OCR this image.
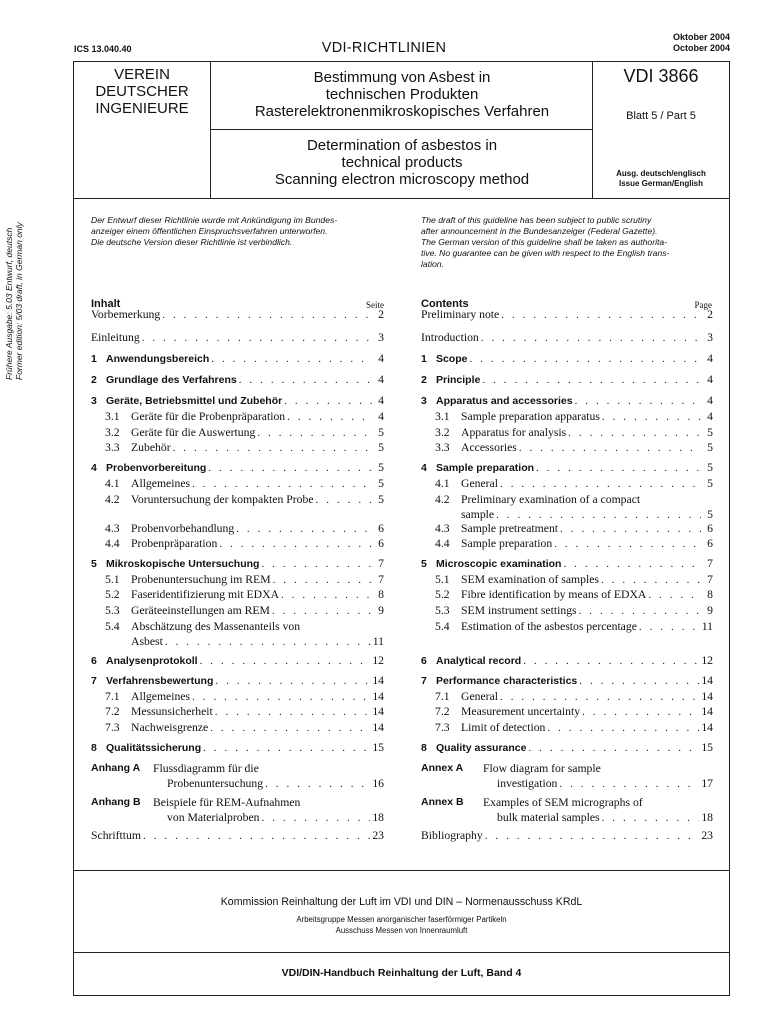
ICS 13.040.40	VDI-RICHTLINIEN
Oktober 2004
October 2004
Frühere Ausgabe: 5.03 Entwurf, deutsch Former edition: 5/03 draft, in German only
VEREIN
DEUTSCHER
INGENIEURE
Bestimmung von Asbest in
technischen Produkten
Rasterelektronenmikroskopisches Verfahren
Determination of asbestos in
technical products
Scanning electron microscopy method
VDI 3866
Blatt 5 / Part 5
Ausg. deutsch/englisch
Issue German/English
Der Entwurf dieser Richtlinie wurde mit Ankündigung im Bundes-
anzeiger einem öffentlichen Einspruchsverfahren unterworfen.
Die deutsche Version dieser Richtlinie ist verbindlich.
The draft of this guideline has been subject to public scrutiny
after announcement in the Bundesanzeiger (Federal Gazette).
The German version of this guideline shall be taken as authorita-
tive. No guarantee can be given with respect to the English trans-
lation.
Inhalt	Seite	Contents	Page
Vorbemerkung . . .	2
Einleitung . . .	3
1 Anwendungsbereich . . .	4
2 Grundlage des Verfahrens . . .	4
3 Geräte, Betriebsmittel und Zubehör . . .	4
3.1 Geräte für die Probenpräparation . . .	4
3.2 Geräte für die Auswertung . . .	5
3.3 Zubehör . . .	5
4 Probenvorbereitung . . .	5
4.1 Allgemeines . . .	5
4.2 Voruntersuchung der kompakten Probe . . .	5
4.3 Probenvorbehandlung . . .	6
4.4 Probenpräparation . . .	6
5 Mikroskopische Untersuchung . . .	7
5.1 Probenuntersuchung im REM . . .	7
5.2 Faseridentifizierung mit EDXA . . .	8
5.3 Geräteeinstellungen am REM . . .	9
5.4 Abschätzung des Massenanteils von
Asbest . . .	11
6 Analysenprotokoll . . .	12
7 Verfahrensbewertung . . .	14
7.1 Allgemeines . . .	14
7.2 Messunsicherheit . . .	14
7.3 Nachweisgrenze . . .	14
8 Qualitätssicherung . . .	15
Anhang A Flussdiagramm für die
Probenuntersuchung . . .	16
Anhang B Beispiele für REM-Aufnahmen
von Materialproben . . .	18
Schrifttum . . .	23
Preliminary note . . .	2
Introduction . . .	3
1 Scope . . .	4
2 Principle . . .	4
3 Apparatus and accessories . . .	4
3.1 Sample preparation apparatus . . .	4
3.2 Apparatus for analysis . . .	5
3.3 Accessories . . .	5
4 Sample preparation . . .	5
4.1 General . . .	5
4.2 Preliminary examination of a compact
sample . . .	5
4.3 Sample pretreatment . . .	6
4.4 Sample preparation . . .	6
5 Microscopic examination . . .	7
5.1 SEM examination of samples . . .	7
5.2 Fibre identification by means of EDXA . . .	8
5.3 SEM instrument settings . . .	9
5.4 Estimation of the asbestos percentage . . .	11
6 Analytical record . . .	12
7 Performance characteristics . . .	14
7.1 General . . .	14
7.2 Measurement uncertainty . . .	14
7.3 Limit of detection . . .	14
8 Quality assurance . . .	15
Annex A Flow diagram for sample
investigation . . .	17
Annex B Examples of SEM micrographs of
bulk material samples . . .	18
Bibliography . . .	23
Kommission Reinhaltung der Luft im VDI und DIN – Normenausschuss KRdL
Arbeitsgruppe Messen anorganischer faserförmiger Partikeln
Ausschuss Messen von Innenraumluft
VDI/DIN-Handbuch Reinhaltung der Luft, Band 4
